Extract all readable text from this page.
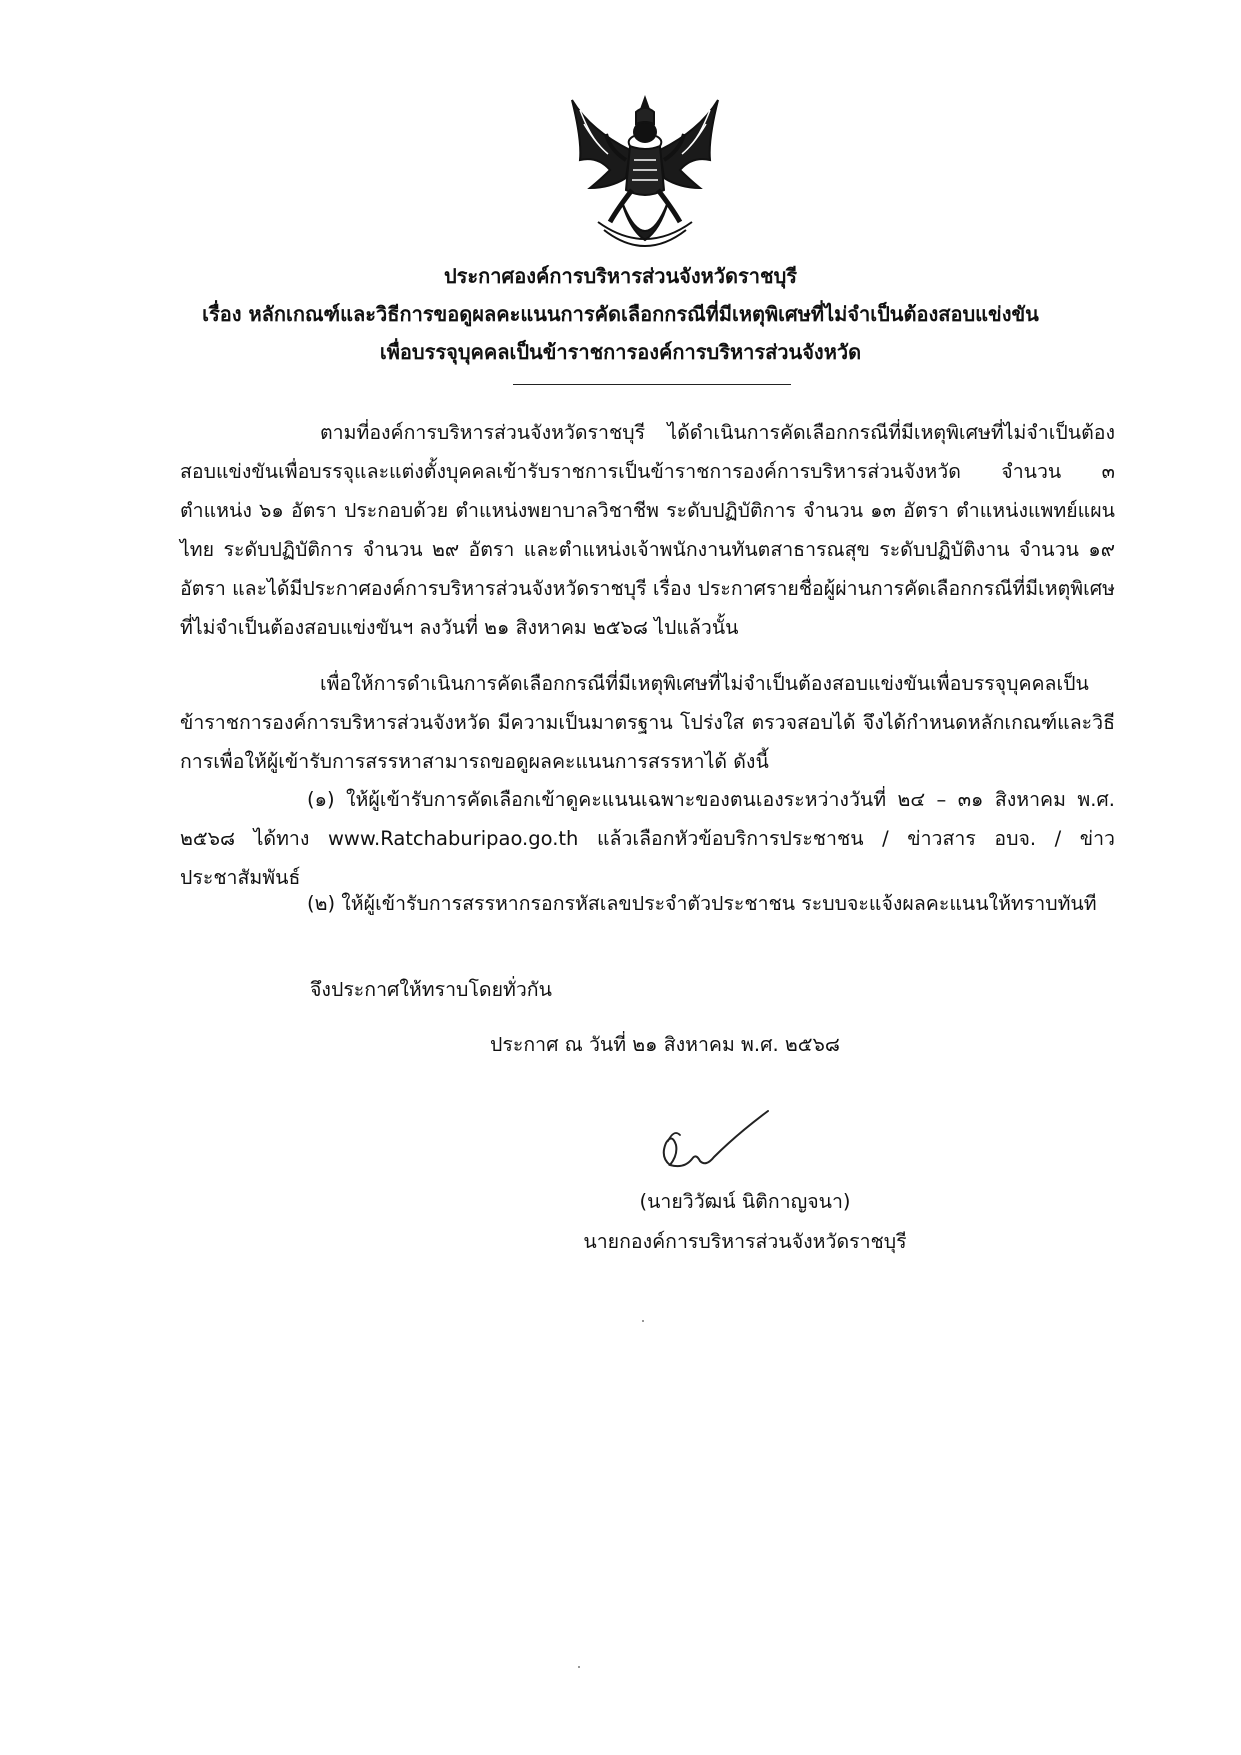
ประกาศองค์การบริหารส่วนจังหวัดราชบุรี
เรื่อง หลักเกณฑ์และวิธีการขอดูผลคะแนนการคัดเลือกกรณีที่มีเหตุพิเศษที่ไม่จำเป็นต้องสอบแข่งขัน
เพื่อบรรจุบุคคลเป็นข้าราชการองค์การบริหารส่วนจังหวัด
ตามที่องค์การบริหารส่วนจังหวัดราชบุรี ได้ดำเนินการคัดเลือกกรณีที่มีเหตุพิเศษที่ไม่จำเป็นต้องสอบแข่งขันเพื่อบรรจุและแต่งตั้งบุคคลเข้ารับราชการเป็นข้าราชการองค์การบริหารส่วนจังหวัด จำนวน ๓ ตำแหน่ง ๖๑ อัตรา ประกอบด้วย ตำแหน่งพยาบาลวิชาชีพ ระดับปฏิบัติการ จำนวน ๑๓ อัตรา ตำแหน่งแพทย์แผนไทย ระดับปฏิบัติการ จำนวน ๒๙ อัตรา และตำแหน่งเจ้าพนักงานทันตสาธารณสุข ระดับปฏิบัติงาน จำนวน ๑๙ อัตรา และได้มีประกาศองค์การบริหารส่วนจังหวัดราชบุรี เรื่อง ประกาศรายชื่อผู้ผ่านการคัดเลือกกรณีที่มีเหตุพิเศษที่ไม่จำเป็นต้องสอบแข่งขันฯ ลงวันที่ ๒๑ สิงหาคม ๒๕๖๘ ไปแล้วนั้น
เพื่อให้การดำเนินการคัดเลือกกรณีที่มีเหตุพิเศษที่ไม่จำเป็นต้องสอบแข่งขันเพื่อบรรจุบุคคลเป็นข้าราชการองค์การบริหารส่วนจังหวัด มีความเป็นมาตรฐาน โปร่งใส ตรวจสอบได้ จึงได้กำหนดหลักเกณฑ์และวิธีการเพื่อให้ผู้เข้ารับการสรรหาสามารถขอดูผลคะแนนการสรรหาได้ ดังนี้
(๑) ให้ผู้เข้ารับการคัดเลือกเข้าดูคะแนนเฉพาะของตนเองระหว่างวันที่ ๒๔ – ๓๑ สิงหาคม พ.ศ. ๒๕๖๘ ได้ทาง www.Ratchaburipao.go.th แล้วเลือกหัวข้อบริการประชาชน / ข่าวสาร อบจ. / ข่าวประชาสัมพันธ์
(๒) ให้ผู้เข้ารับการสรรหากรอกรหัสเลขประจำตัวประชาชน ระบบจะแจ้งผลคะแนนให้ทราบทันที
จึงประกาศให้ทราบโดยทั่วกัน
ประกาศ ณ วันที่ ๒๑ สิงหาคม พ.ศ. ๒๕๖๘
(นายวิวัฒน์ นิติกาญจนา)
นายกองค์การบริหารส่วนจังหวัดราชบุรี
